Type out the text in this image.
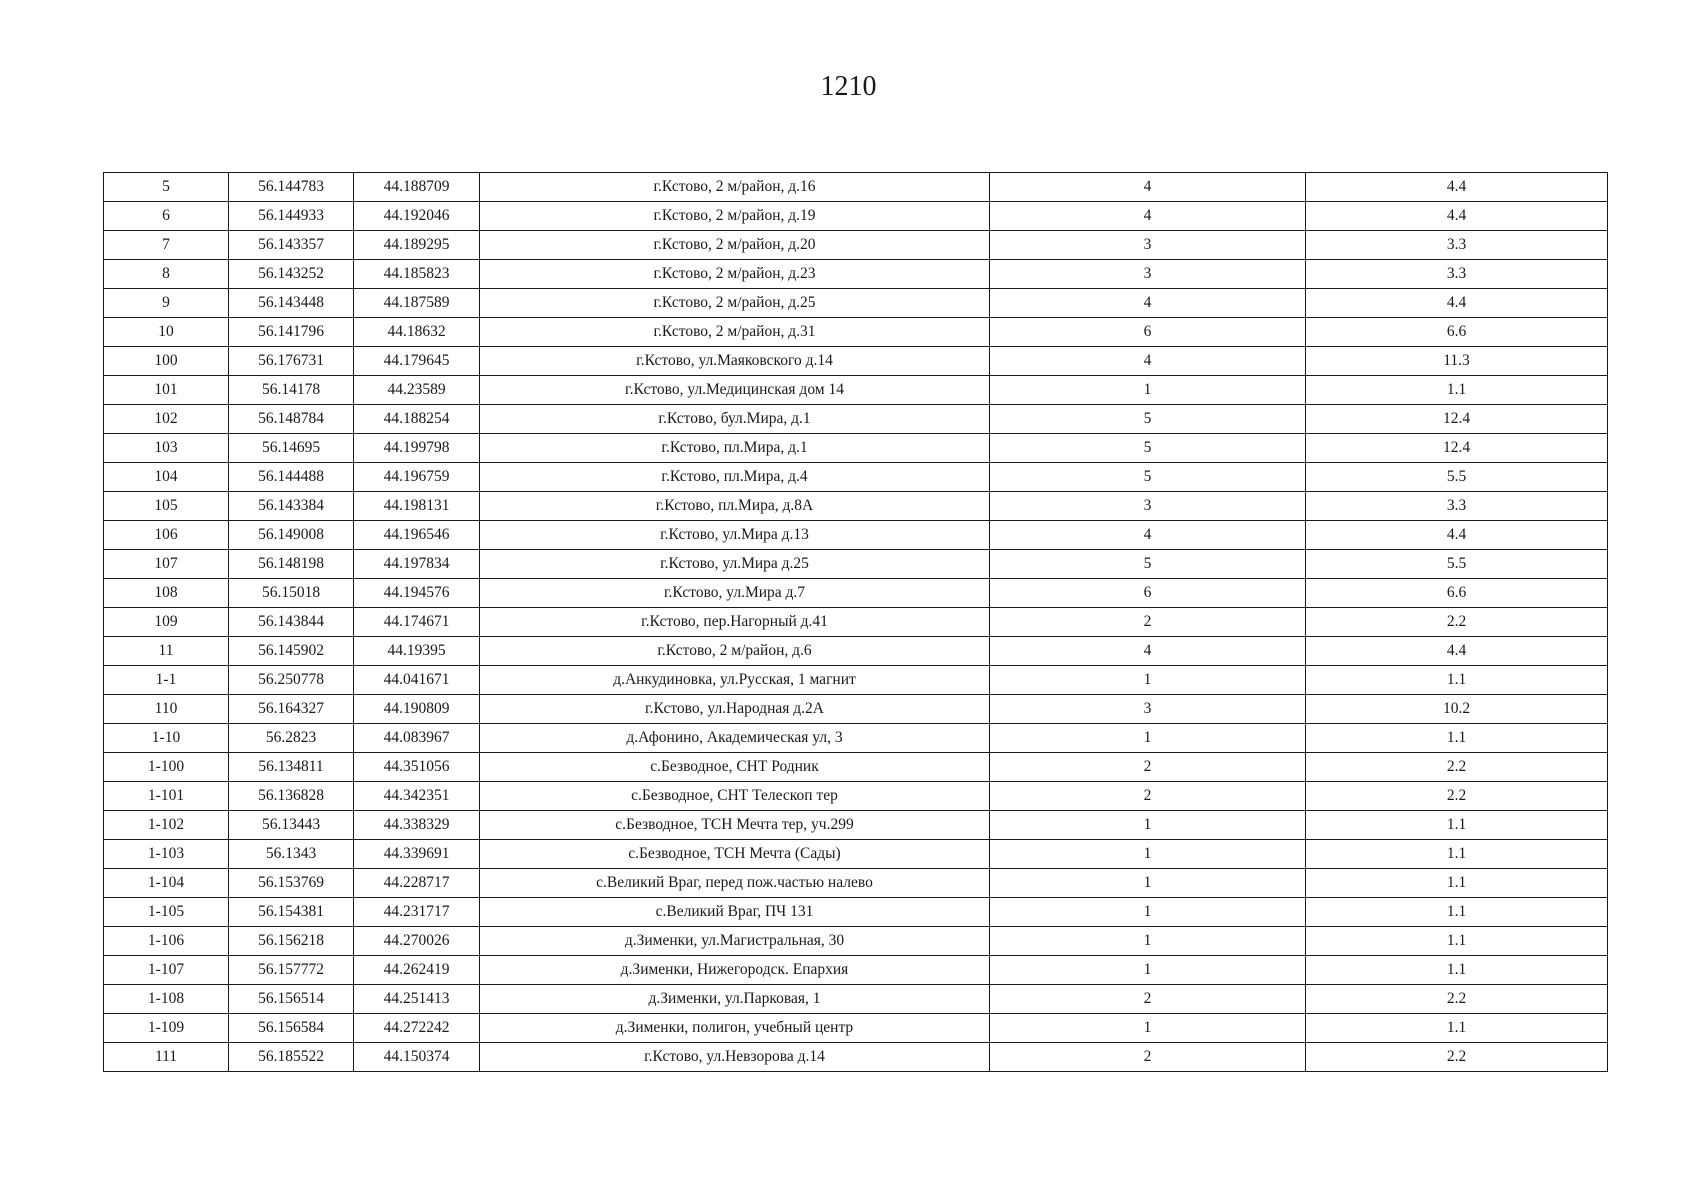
1210
5	56.144783	44.188709	г.Кстово, 2 м/район, д.16	4	4.4
6	56.144933	44.192046	г.Кстово, 2 м/район, д.19	4	4.4
7	56.143357	44.189295	г.Кстово, 2 м/район, д.20	3	3.3
8	56.143252	44.185823	г.Кстово, 2 м/район, д.23	3	3.3
9	56.143448	44.187589	г.Кстово, 2 м/район, д.25	4	4.4
10	56.141796	44.18632	г.Кстово, 2 м/район, д.31	6	6.6
100	56.176731	44.179645	г.Кстово, ул.Маяковского д.14	4	11.3
101	56.14178	44.23589	г.Кстово, ул.Медицинская дом 14	1	1.1
102	56.148784	44.188254	г.Кстово, бул.Мира, д.1	5	12.4
103	56.14695	44.199798	г.Кстово, пл.Мира, д.1	5	12.4
104	56.144488	44.196759	г.Кстово, пл.Мира, д.4	5	5.5
105	56.143384	44.198131	г.Кстово, пл.Мира, д.8А	3	3.3
106	56.149008	44.196546	г.Кстово, ул.Мира д.13	4	4.4
107	56.148198	44.197834	г.Кстово, ул.Мира д.25	5	5.5
108	56.15018	44.194576	г.Кстово, ул.Мира д.7	6	6.6
109	56.143844	44.174671	г.Кстово, пер.Нагорный д.41	2	2.2
11	56.145902	44.19395	г.Кстово, 2 м/район, д.6	4	4.4
1-1	56.250778	44.041671	д.Анкудиновка, ул.Русская, 1 магнит	1	1.1
110	56.164327	44.190809	г.Кстово, ул.Народная д.2А	3	10.2
1-10	56.2823	44.083967	д.Афонино, Академическая ул, 3	1	1.1
1-100	56.134811	44.351056	с.Безводное, СНТ Родник	2	2.2
1-101	56.136828	44.342351	с.Безводное, СНТ Телескоп тер	2	2.2
1-102	56.13443	44.338329	с.Безводное, ТСН Мечта тер, уч.299	1	1.1
1-103	56.1343	44.339691	с.Безводное, ТСН Мечта (Сады)	1	1.1
1-104	56.153769	44.228717	с.Великий Враг, перед пож.частью налево	1	1.1
1-105	56.154381	44.231717	с.Великий Враг, ПЧ 131	1	1.1
1-106	56.156218	44.270026	д.Зименки, ул.Магистральная, 30	1	1.1
1-107	56.157772	44.262419	д.Зименки, Нижегородск. Епархия	1	1.1
1-108	56.156514	44.251413	д.Зименки, ул.Парковая, 1	2	2.2
1-109	56.156584	44.272242	д.Зименки, полигон, учебный центр	1	1.1
111	56.185522	44.150374	г.Кстово, ул.Невзорова д.14	2	2.2
